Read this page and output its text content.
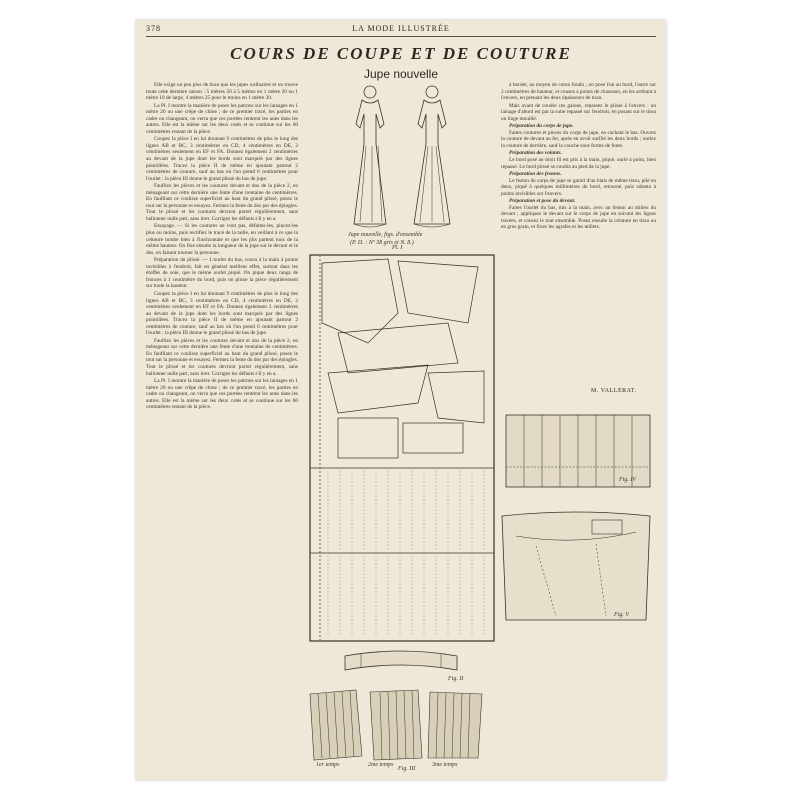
378	LA MODE ILLUSTRÉE
COURS DE COUPE ET DE COUTURE
Jupe nouvelle

Elle exige un peu plus de tissu que les jupes ordinaires et on trouve toute cette dernière saison : 5 mètres 50 à 5 mètres en 1 mètre 20 ou 1 mètre 10 de large, 4 mètres 25 pour le moins en 1 mètre 20.

La Pl. I montre la manière de poser les patrons sur les lainages en 1 mètre 20 ou une crêpe de chine ; de ce premier tracé, les parties en cadre ou changeant, on verra que ces portées rentrent les unes dans les autres. Elle est la même sur les deux cotés et se continue sur les 60 centimètres restant de la pièce.

Coupez la pièce I en lui donnant 9 centimètres de plus le long des lignes AB et BC, 3 centimètres en CD, 4 centimètres en DE, 2 centimètres seulement en EF et FA. Donnez également 2 centimètres au devant de la jupe dont les bords sont marqués par des lignes pointillées. Tracez la pièce II de même en ajoutant partout 2 centimètres de couture, sauf au bas où l'on prend 6 centimètres pour l'ourlet ; la pièce III donne le grand plissé du bas de jupe.

Faufilez les pièces et les coutures devant et dos de la pièce 2, en ménageant sur cette dernière une fente d'une trentaine de centimètres. En faufilant ce coulisse superficiel au haut du grand plissé, posez le tout sur la personne et essayez. Fermez la fente du dos par des épingles. Tout le plissé et les coutures devront porter régulièrement, sans ballonner nulle part, sans tirer. Corrigez les défauts s'il y en a.

Essayage. — Si les coutures ne vont pas, défaites-les, pincez-les plus ou moins, puis rectifiez le tracé de la taille, en veillant à ce que la ceinture tombe bien à l'horizontale et que les plis partent tous de la même hauteur. On fixe ensuite la longueur de la jupe sur le devant et le dos, en faisant tourner la personne.

Préparation du plissé. — L'ourlet du bas, cousu à la main à points invisibles à l'endroit, fait en général meilleur effet, surtout dans les étoffes de soie, que le même ourlet piqué. On pique deux rangs de fronces à 1 centimètre du bord, puis on plisse la pièce régulièrement sur toute la hauteur.

Coupez la pièce I en lui donnant 9 centimètres de plus le long des lignes AB et BC, 3 centimètres en CD, 4 centimètres en DE, 2 centimètres seulement en EF et FA. Donnez également 2 centimètres au devant de la jupe dont les bords sont marqués par des lignes pointillées. Tracez la pièce II de même en ajoutant partout 2 centimètres de couture, sauf au bas où l'on prend 6 centimètres pour l'ourlet ; la pièce III donne le grand plissé du bas de jupe.

Faufilez les pièces et les coutures devant et dos de la pièce 2, en ménageant sur cette dernière une fente d'une trentaine de centimètres. En faufilant ce coulisse superficiel au haut du grand plissé, posez le tout sur la personne et essayez. Fermez la fente du dos par des épingles. Tout le plissé et les coutures devront porter régulièrement, sans ballonner nulle part, sans tirer. Corrigez les défauts s'il y en a.

La Pl. I montre la manière de poser les patrons sur les lainages en 1 mètre 20 ou une crêpe de chine ; de ce premier tracé, les parties en cadre ou changeant, on verra que ces portées rentrent les unes dans les autres. Elle est la même sur les deux cotés et se continue sur les 60 centimètres restant de la pièce.

Jupe nouvelle, figs. d'ensemble
(P. D. : Nº 38 gris et N. 8.)
Pl. I

à border, au moyen de coton fondu ; on pose l'un au bord, l'autre sur 2 centimètres de hauteur, et cousez à points de chausson, en les arrêtant à l'envers, en prenant les deux épaisseurs de tissu.

Mais avant de coudre ces galons, repassez le plissé à l'envers : un lainage d'abord est par la suite repassé sur l'endroit, en posant sur le tissu un linge mouillé.

Préparation du corps de jupe.

Faites coutures et pinces du corps de jupe, en cachant le bas. Ouvrez la couture de devant au fer, après en avoir surfilé les deux bords ; ourlez la couture de derrière, sauf la couche sous forme de fente.

Préparation des volants.

Le bord posé au droit fil est pris à la main, piqué, ourlé à point, bien repassé. Le bord plissé se coudra au pied de la jupe.

Préparation des festons.

Le feston du corps de jupe se garnit d'un biais de même tissu, plié en deux, piqué à quelques millimètres du bord, retourné, puis rabattu à points invisibles sur l'envers.

Préparation et pose du devant.

Faites l'ourlet du bas, mis à la main, avec un feston au milieu du devant ; appliquez le devant sur le corps de jupe en suivant les lignes tracées, et cousez le tout ensemble. Posez ensuite la ceinture en tissu ou en gros grain, et fixez les agrafes et les œillets.

M. VALLERAT.
Fig. II
1er temps	2me temps
Fig. III
3me temps
Fig. IV
Fig. V
